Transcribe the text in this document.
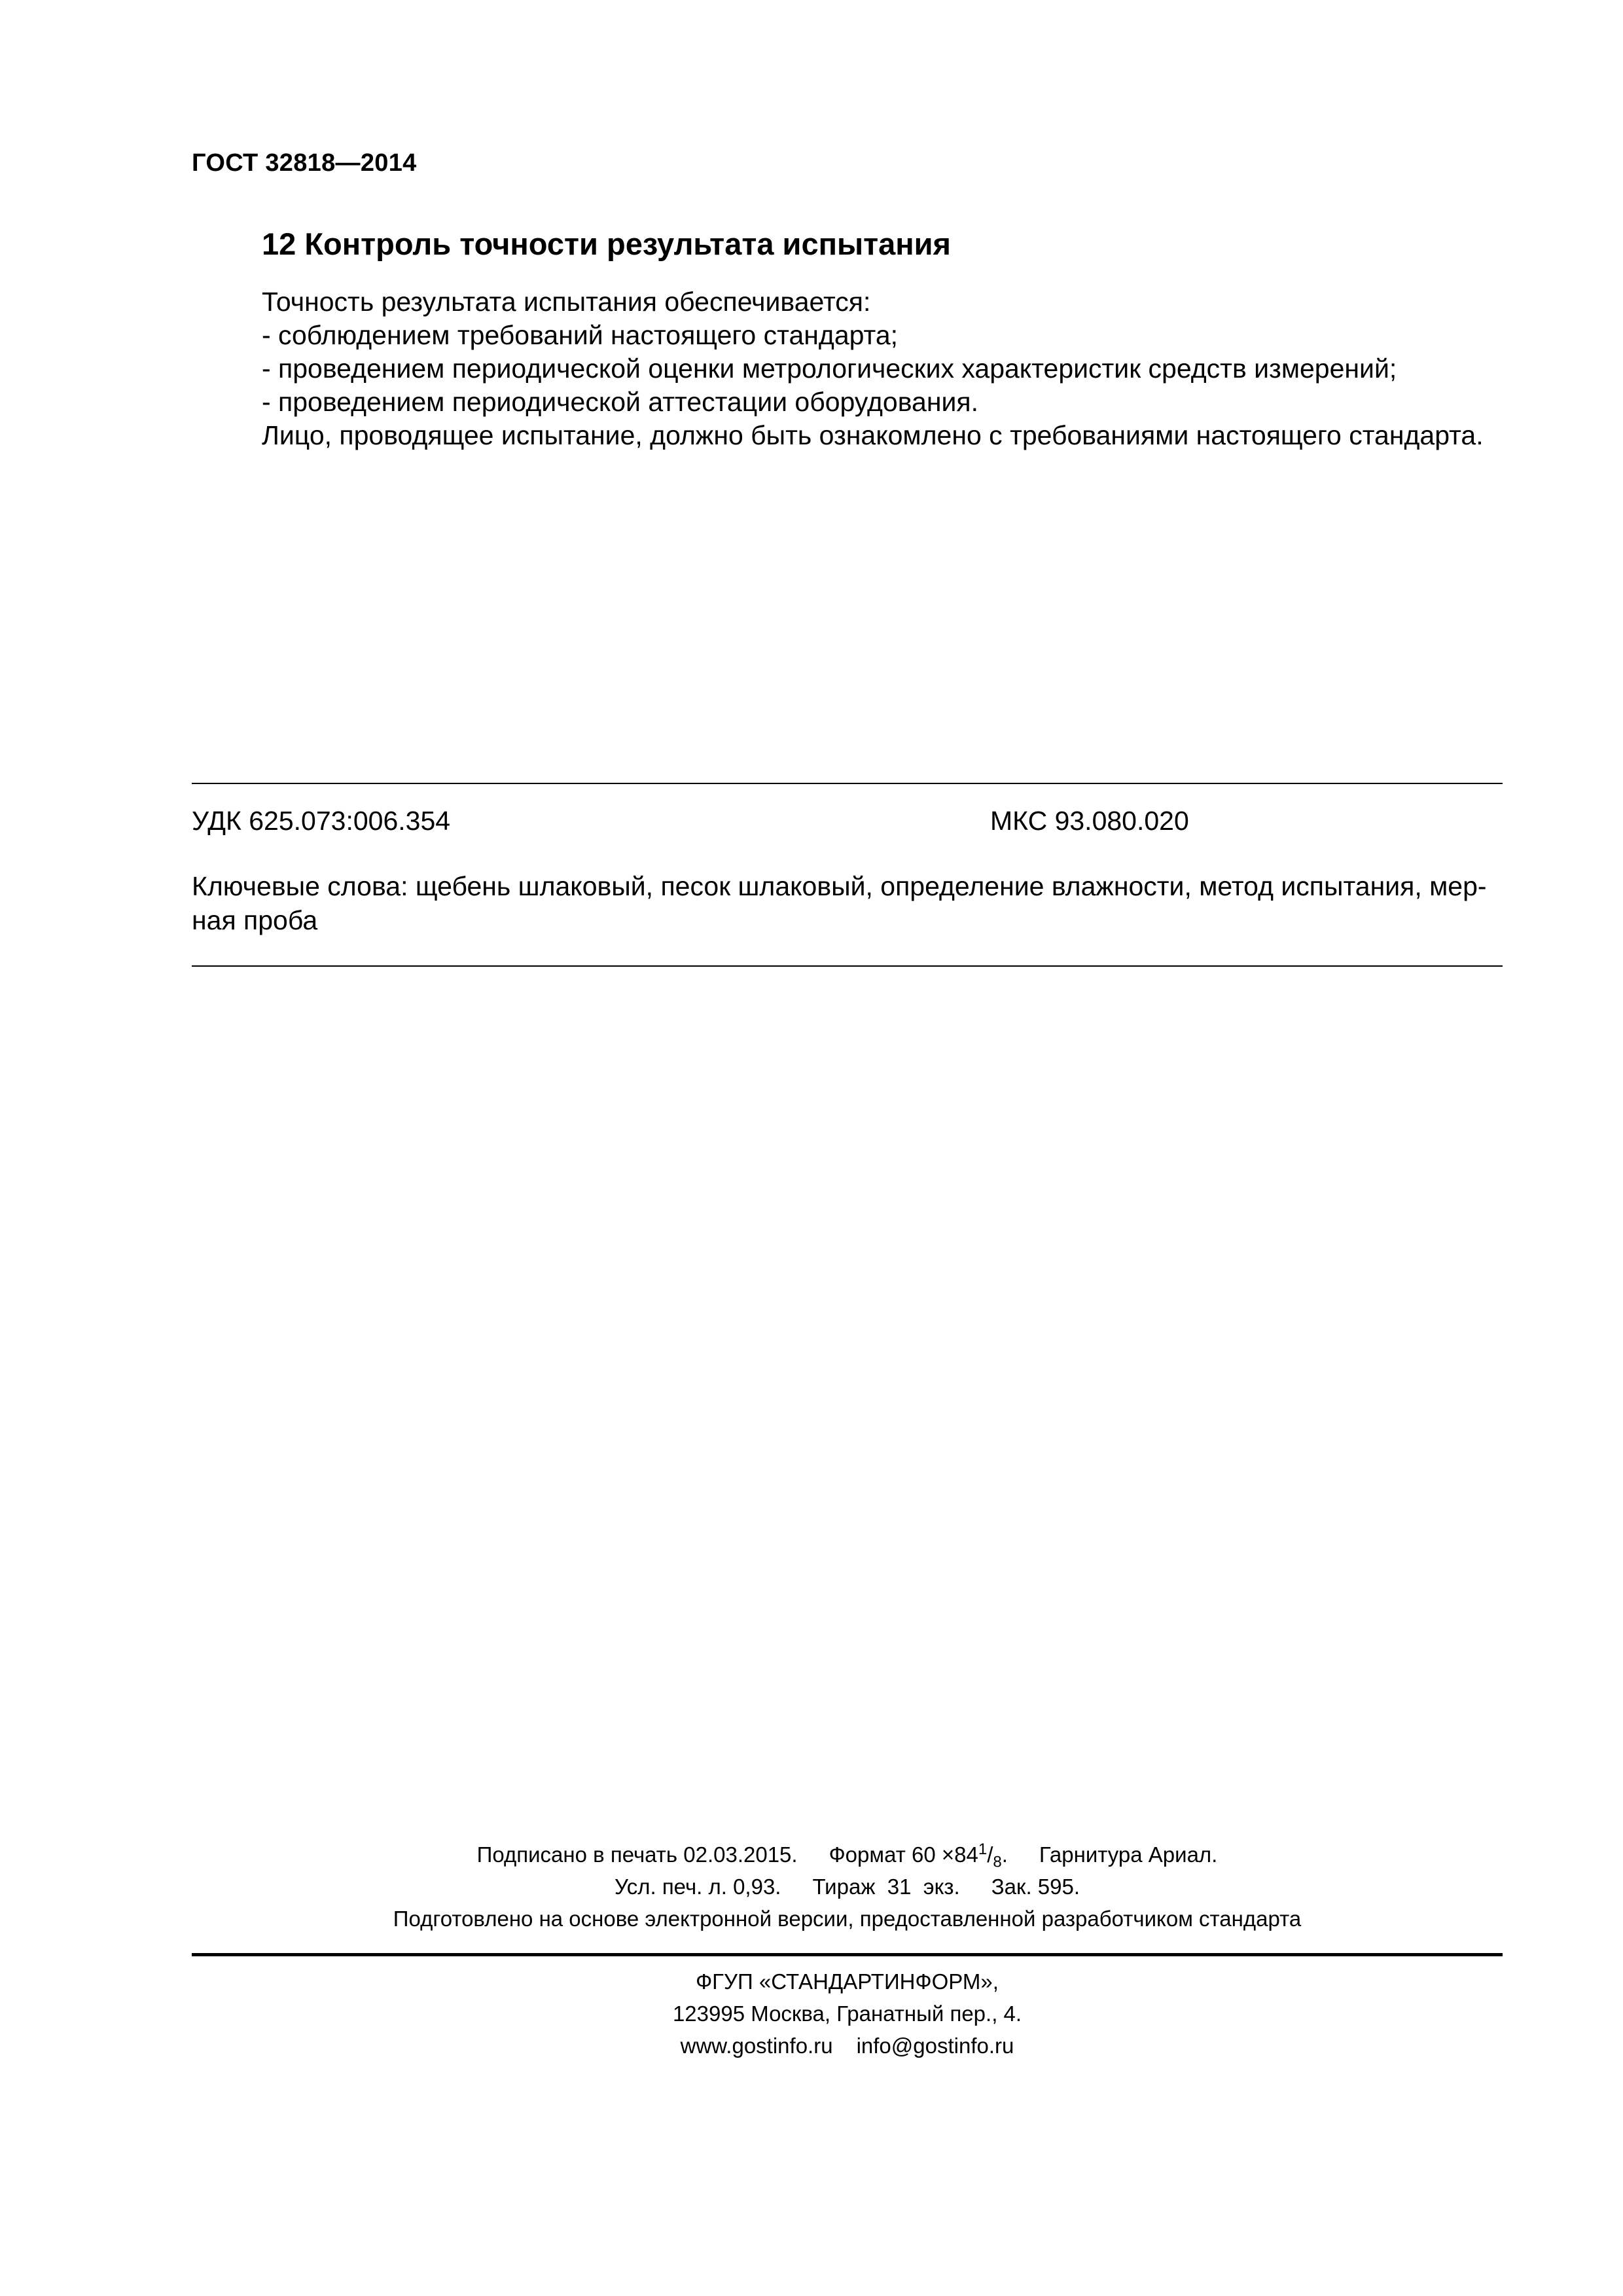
ГОСТ 32818—2014
12 Контроль точности результата испытания
Точность результата испытания обеспечивается:
- соблюдением требований настоящего стандарта;
- проведением периодической оценки метрологических характеристик средств измерений;
- проведением периодической аттестации оборудования.
Лицо, проводящее испытание, должно быть ознакомлено с требованиями настоящего стандарта.
УДК 625.073:006.354	МКС 93.080.020
Ключевые слова: щебень шлаковый, песок шлаковый, определение влажности, метод испытания, мер-
ная проба
Подписано в печать 02.03.2015. Формат $60 \times 84^1/_8$. Гарнитура Ариал.
Усл. печ. л. 0,93. Тираж  31  экз. Зак. 595.
Подготовлено на основе электронной версии, предоставленной разработчиком стандарта
ФГУП «СТАНДАРТИНФОРМ»,
123995 Москва, Гранатный пер., 4.
www.gostinfo.ru info@gostinfo.ru
